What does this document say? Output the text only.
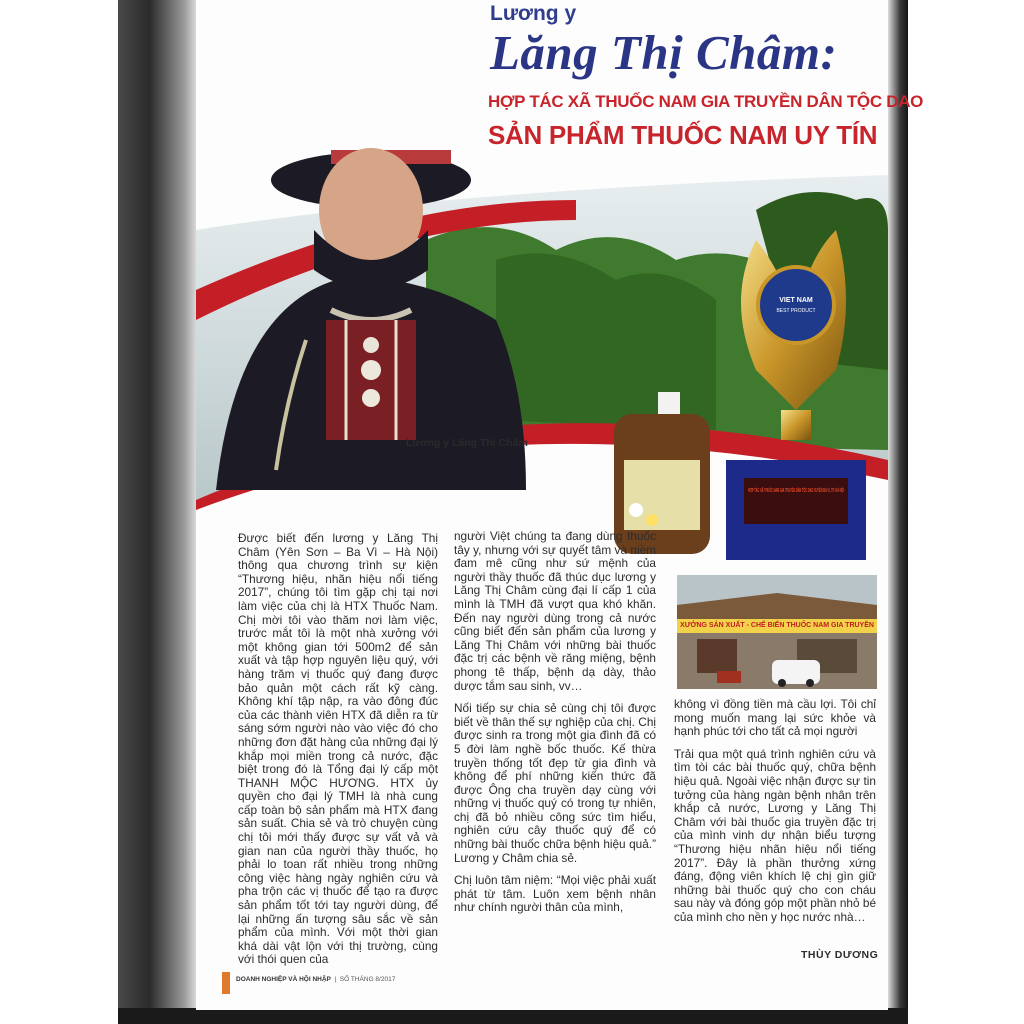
Lương y
Lăng Thị Châm:
HỢP TÁC XÃ THUỐC NAM GIA TRUYỀN DÂN TỘC DAO
SẢN PHẨM THUỐC NAM UY TÍN
VIET NAM
BEST PRODUCT
Lương y Lăng Thị Châm
XƯỞNG SẢN XUẤT - CHẾ BIẾN THUỐC NAM GIA TRUYỀN

Được biết đến lương y Lăng Thị Châm (Yên Sơn – Ba Vì – Hà Nội) thông qua chương trình sự kiện “Thương hiệu, nhãn hiệu nổi tiếng 2017”, chúng tôi tìm gặp chị tại nơi làm việc của chị là HTX Thuốc Nam. Chị mời tôi vào thăm nơi làm việc, trước mắt tôi là một nhà xưởng với một không gian tới 500m2 để sản xuất và tập hợp nguyên liệu quý, với hàng trăm vị thuốc quý đang được bảo quản một cách rất kỹ càng. Không khí tập nập, ra vào đông đúc của các thành viên HTX đã diễn ra từ sáng sớm người nào vào việc đó cho những đơn đặt hàng của những đại lý khắp mọi miền trong cả nước, đặc biệt trong đó là Tổng đại lý cấp một THANH MỘC HƯƠNG. HTX ủy quyền cho đại lý TMH là nhà cung cấp toàn bộ sản phẩm mà HTX đang sản suất. Chia sẻ và trò chuyện cùng chị tôi mới thấy được sự vất vả và gian nan của người thầy thuốc, họ phải lo toan rất nhiều trong những công việc hàng ngày nghiên cứu và pha trộn các vị thuốc để tạo ra được sản phẩm tốt tới tay người dùng, để lại những ấn tượng sâu sắc về sản phẩm của mình. Với một thời gian khá dài vật lộn với thị trường, cùng với thói quen của

người Việt chúng ta đang dùng thuốc tây y, nhưng với sự quyết tâm và niềm đam mê cũng như sứ mệnh của người thầy thuốc đã thúc dục lương y Lăng Thị Châm cùng đại lí cấp 1 của mình là TMH đã vượt qua khó khăn. Đến nay người dùng trong cả nước cũng biết đến sản phẩm của lương y Lăng Thị Châm với những bài thuốc đặc trị các bệnh về răng miệng, bệnh phong tê thấp, bệnh dạ dày, thảo dược tắm sau sinh, vv…

Nối tiếp sự chia sẻ cùng chị tôi được biết về thân thế sự nghiệp của chị. Chị được sinh ra trong một gia đình đã có 5 đời làm nghề bốc thuốc. Kế thừa truyền thống tốt đẹp từ gia đình và không để phí những kiến thức đã được Ông cha truyền dạy cùng với những vị thuốc quý có trong tự nhiên, chị đã bỏ nhiều công sức tìm hiểu, nghiên cứu cây thuốc quý để có những bài thuốc chữa bệnh hiệu quả.” Lương y Châm chia sẻ.

Chị luôn tâm niệm: “Mọi việc phải xuất phát từ tâm. Luôn xem bệnh nhân như chính người thân của mình,

không vì đồng tiền mà cầu lợi. Tôi chỉ mong muốn mang lại sức khỏe và hạnh phúc tới cho tất cả mọi người

Trải qua một quá trình nghiên cứu và tìm tòi các bài thuốc quý, chữa bệnh hiệu quả. Ngoài việc nhận được sự tin tưởng của hàng ngàn bệnh nhân trên khắp cả nước, Lương y Lăng Thị Châm với bài thuốc gia truyền đặc trị của mình vinh dự nhận biểu tượng “Thương hiệu nhãn hiệu nổi tiếng 2017”. Đây là phần thưởng xứng đáng, động viên khích lệ chị gìn giữ những bài thuốc quý cho con cháu sau này và đóng góp một phần nhỏ bé của mình cho nền y học nước nhà…

THÙY DƯƠNG
DOANH NGHIỆP VÀ HỘI NHẬP  |  SỐ THÁNG 8/2017
